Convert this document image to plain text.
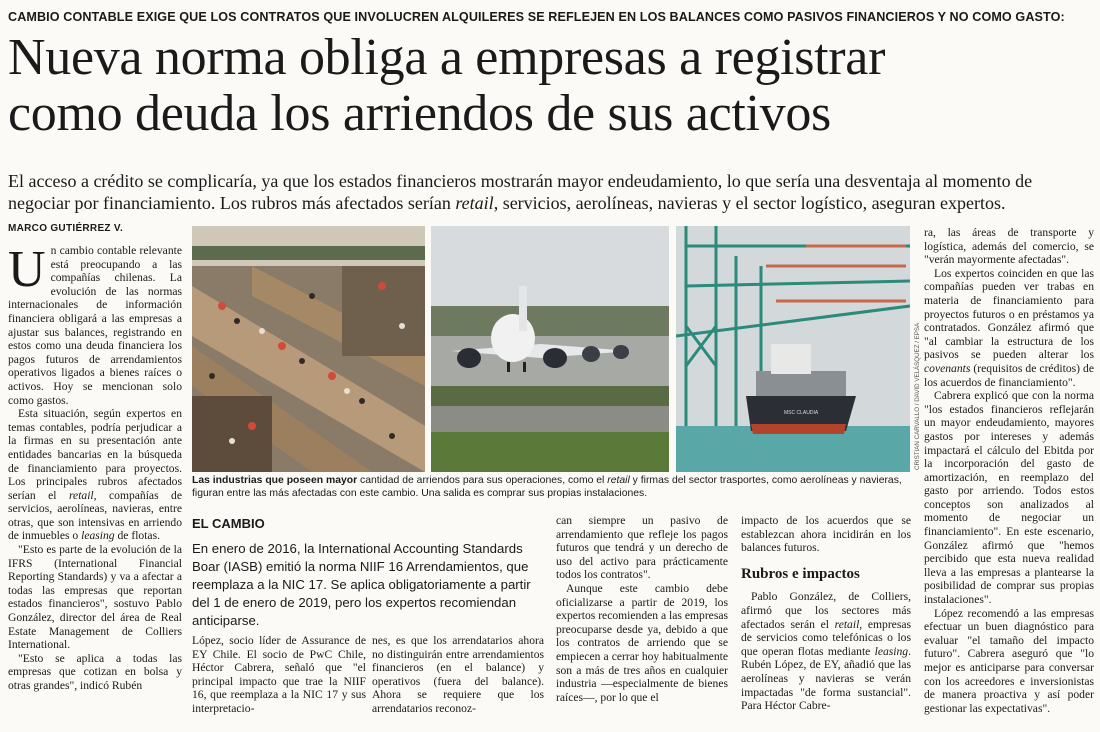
CAMBIO CONTABLE EXIGE QUE LOS CONTRATOS QUE INVOLUCREN ALQUILERES SE REFLEJEN EN LOS BALANCES COMO PASIVOS FINANCIEROS Y NO COMO GASTO:
Nueva norma obliga a empresas a registrar
como deuda los arriendos de sus activos
El acceso a crédito se complicaría, ya que los estados financieros mostrarán mayor endeudamiento, lo que sería una desventaja al momento de negociar por financiamiento. Los rubros más afectados serían retail, servicios, aerolíneas, navieras y el sector logístico, aseguran expertos.
MARCO GUTIÉRREZ V.

Un cambio contable relevante está preocupando a las compañías chilenas. La evolución de las normas internacionales de información financiera obligará a las empresas a ajustar sus balances, registrando en estos como una deuda financiera los pagos futuros de arrendamientos operativos ligados a bienes raíces o activos. Hoy se mencionan solo como gastos.

Esta situación, según expertos en temas contables, podría perjudicar a la firmas en su presentación ante entidades bancarias en la búsqueda de financiamiento para proyectos. Los principales rubros afectados serían el retail, compañías de servicios, aerolíneas, navieras, entre otras, que son intensivas en arriendo de inmuebles o leasing de flotas.

"Esto es parte de la evolución de la IFRS (International Financial Reporting Standards) y va a afectar a todas las empresas que reportan estados financieros", sostuvo Pablo González, director del área de Real Estate Management de Colliers International.

"Esto se aplica a todas las empresas que cotizan en bolsa y otras grandes", indicó Rubén

MSC CLAUDIA	CRISTIAN CARVALLO / DAVID VELÁSQUEZ / EPSA
Las industrias que poseen mayor cantidad de arriendos para sus operaciones, como el retail y firmas del sector trasportes, como aerolíneas y navieras, figuran entre las más afectadas con este cambio. Una salida es comprar sus propias instalaciones.
EL CAMBIO
En enero de 2016, la International Accounting Standards Boar (IASB) emitió la norma NIIF 16 Arrendamientos, que reemplaza a la NIC 17. Se aplica obligatoriamente a partir del 1 de enero de 2019, pero los expertos recomiendan anticiparse.

López, socio líder de Assurance de EY Chile. El socio de PwC Chile, Héctor Cabrera, señaló que "el principal impacto que trae la NIIF 16, que reemplaza a la NIC 17 y sus interpretacio-

nes, es que los arrendatarios ahora no distinguirán entre arrendamientos financieros (en el balance) y operativos (fuera del balance). Ahora se requiere que los arrendatarios reconoz-

can siempre un pasivo de arrendamiento que refleje los pagos futuros que tendrá y un derecho de uso del activo para prácticamente todos los contratos".

Aunque este cambio debe oficializarse a partir de 2019, los expertos recomienden a las empresas preocuparse desde ya, debido a que los contratos de arriendo que se empiecen a cerrar hoy habitualmente son a más de tres años en cualquier industria —especialmente de bienes raíces—, por lo que el

impacto de los acuerdos que se establezcan ahora incidirán en los balances futuros.

Rubros e impactos

Pablo González, de Colliers, afirmó que los sectores más afectados serán el retail, empresas de servicios como telefónicas o los que operan flotas mediante leasing. Rubén López, de EY, añadió que las aerolíneas y navieras se verán impactadas "de forma sustancial". Para Héctor Cabre-

ra, las áreas de transporte y logística, además del comercio, se "verán mayormente afectadas".

Los expertos coinciden en que las compañías pueden ver trabas en materia de financiamiento para proyectos futuros o en préstamos ya contratados. González afirmó que "al cambiar la estructura de los pasivos se pueden alterar los covenants (requisitos de créditos) de los acuerdos de financiamiento".

Cabrera explicó que con la norma "los estados financieros reflejarán un mayor endeudamiento, mayores gastos por intereses y además impactará el cálculo del Ebitda por la incorporación del gasto de amortización, en reemplazo del gasto por arriendo. Todos estos conceptos son analizados al momento de negociar un financiamiento". En este escenario, González afirmó que "hemos percibido que esta nueva realidad lleva a las empresas a plantearse la posibilidad de comprar sus propias instalaciones".

López recomendó a las empresas efectuar un buen diagnóstico para evaluar "el tamaño del impacto futuro". Cabrera aseguró que "lo mejor es anticiparse para conversar con los acreedores e inversionistas de manera proactiva y así poder gestionar las expectativas".
